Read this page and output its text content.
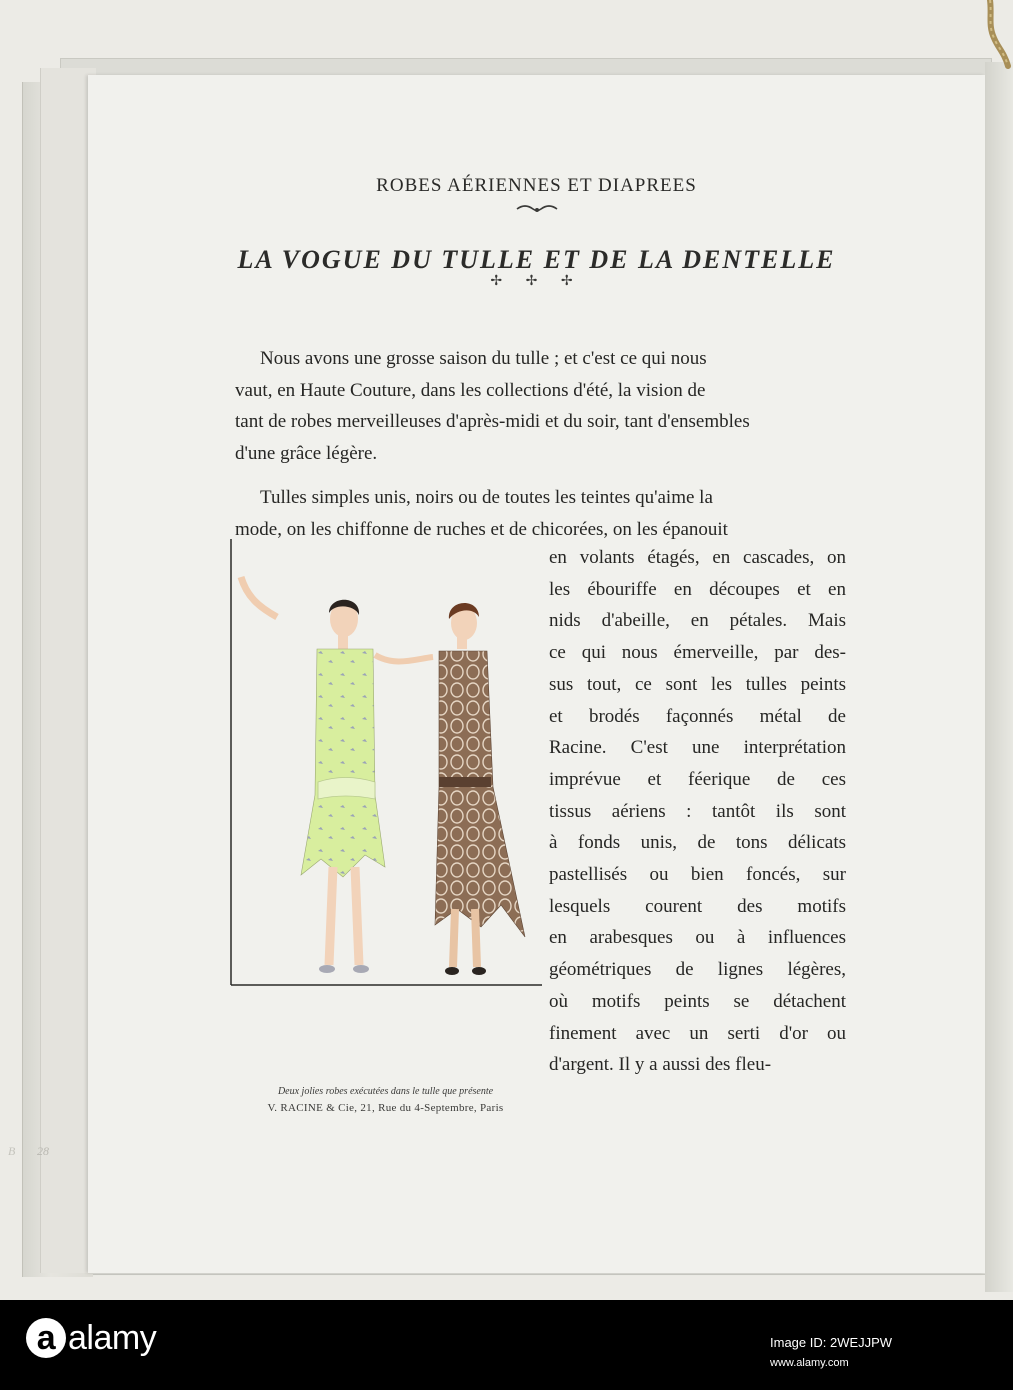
ROBES AÉRIENNES ET DIAPREES
LA VOGUE DU TULLE ET DE LA DENTELLE
✢ ✢ ✢
Nous avons une grosse saison du tulle ; et c'est ce qui nous
vaut, en Haute Couture, dans les collections d'été, la vision de
tant de robes merveilleuses d'après-midi et du soir, tant d'ensembles
d'une grâce légère.
Tulles simples unis, noirs ou de toutes les teintes qu'aime la
mode, on les chiffonne de ruches et de chicorées, on les épanouit
en volants étagés, en cascades, on
les ébouriffe en découpes et en
nids d'abeille, en pétales. Mais
ce qui nous émerveille, par des-
sus tout, ce sont les tulles peints
et brodés façonnés métal de
Racine. C'est une interprétation
imprévue et féerique de ces
tissus aériens : tantôt ils sont
à fonds unis, de tons délicats
pastellisés ou bien foncés, sur
lesquels courent des motifs
en arabesques ou à influences
géométriques de lignes légères,
où motifs peints se détachent
finement avec un serti d'or ou
d'argent. Il y a aussi des fleu-
Deux jolies robes exécutées dans le tulle que présente
V. RACINE & Cie, 21, Rue du 4-Septembre, Paris
B 28
a alamy	Image ID: 2WEJJPW
www.alamy.com
